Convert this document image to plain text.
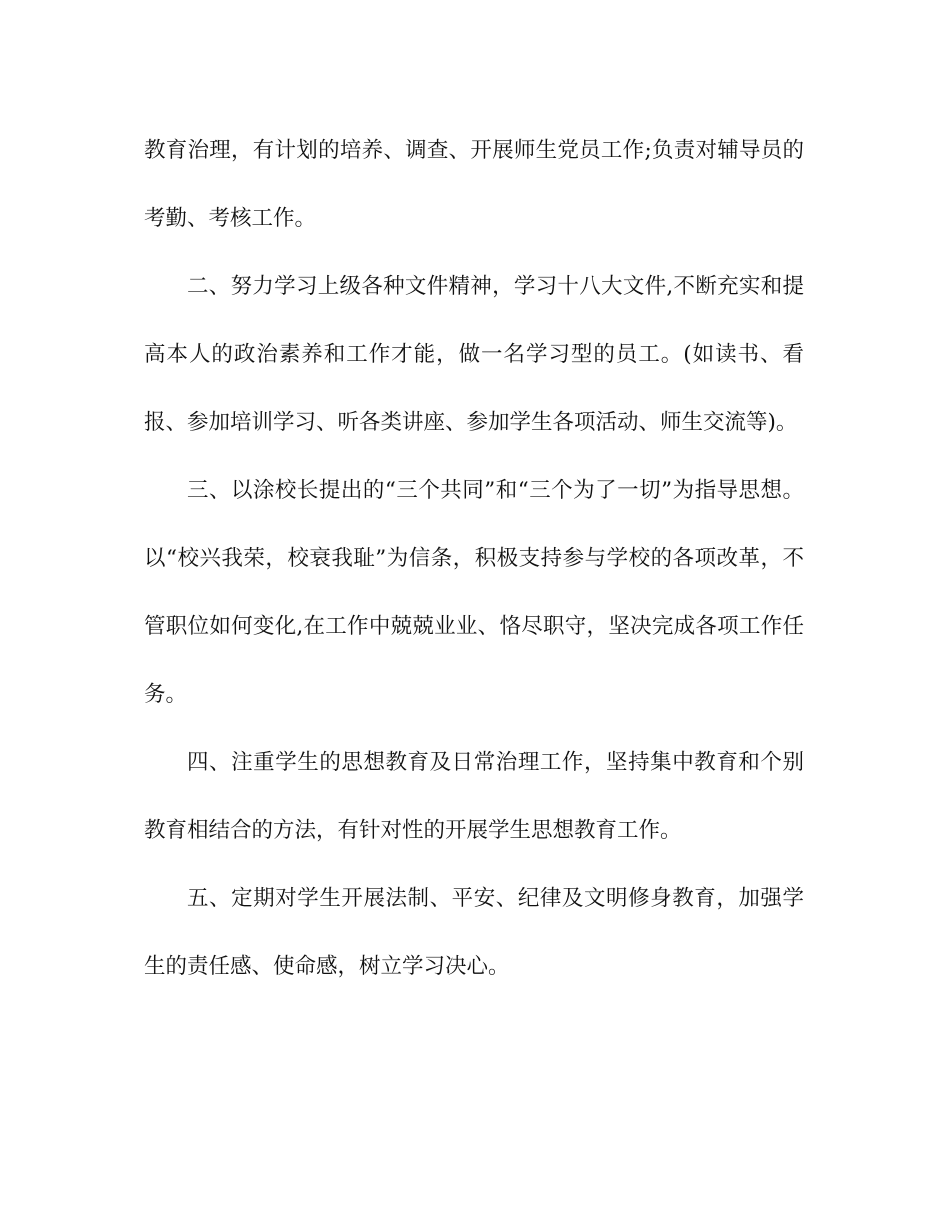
教育治理，有计划的培养、调查、开展师生党员工作;负责对辅导员的考勤、考核工作。

二、努力学习上级各种文件精神，学习十八大文件,不断充实和提高本人的政治素养和工作才能，做一名学习型的员工。(如读书、看报、参加培训学习、听各类讲座、参加学生各项活动、师生交流等)。

三、以涂校长提出的“三个共同”和“三个为了一切”为指导思想。以“校兴我荣，校衰我耻”为信条，积极支持参与学校的各项改革，不管职位如何变化,在工作中兢兢业业、恪尽职守，坚决完成各项工作任务。

四、注重学生的思想教育及日常治理工作，坚持集中教育和个别教育相结合的方法，有针对性的开展学生思想教育工作。

五、定期对学生开展法制、平安、纪律及文明修身教育，加强学生的责任感、使命感，树立学习决心。
